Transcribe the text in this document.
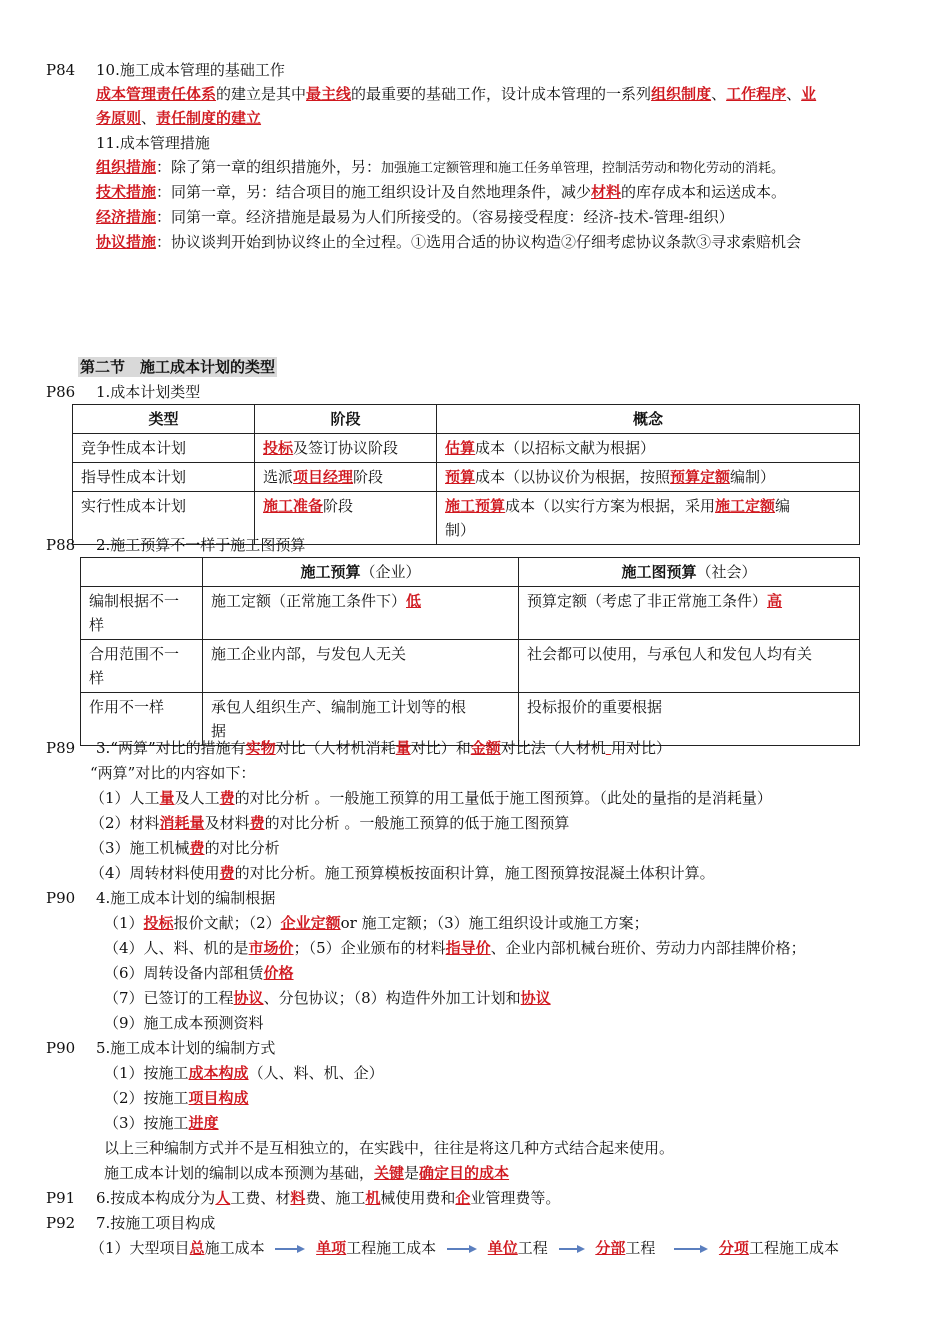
P84 10.施工成本管理的基础工作
成本管理责任体系的建立是其中最主线的最重要的基础工作，设计成本管理的一系列组织制度、工作程序、业
务原则、责任制度的建立
11.成本管理措施
组织措施：除了第一章的组织措施外，另：加强施工定额管理和施工任务单管理，控制活劳动和物化劳动的消耗。
技术措施：同第一章，另：结合项目的施工组织设计及自然地理条件，减少材料的库存成本和运送成本。
经济措施：同第一章。经济措施是最易为人们所接受的。（容易接受程度：经济-技术-管理-组织）
协议措施：协议谈判开始到协议终止的全过程。①选用合适的协议构造②仔细考虑协议条款③寻求索赔机会
第二节　施工成本计划的类型
P86 1.成本计划类型
类型	阶段	概念
竞争性成本计划	投标及签订协议阶段	估算成本（以招标文献为根据）
指导性成本计划	选派项目经理阶段	预算成本（以协议价为根据，按照预算定额编制）
实行性成本计划	施工准备阶段	施工预算成本（以实行方案为根据，采用施工定额编
制）
P88 2.施工预算不一样于施工图预算
	施工预算（企业）	施工图预算（社会）
编制根据不一
样	施工定额（正常施工条件下）低	预算定额（考虑了非正常施工条件）高
合用范围不一
样	施工企业内部，与发包人无关	社会都可以使用，与承包人和发包人均有关
作用不一样	承包人组织生产、编制施工计划等的根
据	投标报价的重要根据
P89 3.“两算”对比的措施有实物对比（人材机消耗量对比）和金额对比法（人材机 用对比）
“两算”对比的内容如下：
（1）人工量及人工费的对比分析 。一般施工预算的用工量低于施工图预算。（此处的量指的是消耗量）
（2）材料消耗量及材料费的对比分析 。一般施工预算的低于施工图预算
（3）施工机械费的对比分析
（4）周转材料使用费的对比分析。施工预算模板按面积计算，施工图预算按混凝土体积计算。
P90 4.施工成本计划的编制根据
（1）投标报价文献；（2）企业定额or 施工定额；（3）施工组织设计或施工方案；
（4）人、料、机的是市场价；（5）企业颁布的材料指导价、企业内部机械台班价、劳动力内部挂牌价格；
（6）周转设备内部租赁价格
（7）已签订的工程协议、分包协议；（8）构造件外加工计划和协议
（9）施工成本预测资料
P90 5.施工成本计划的编制方式
（1）按施工成本构成（人、料、机、企）
（2）按施工项目构成
（3）按施工进度
以上三种编制方式并不是互相独立的，在实践中，往往是将这几种方式结合起来使用。
施工成本计划的编制以成本预测为基础，关键是确定目的成本
P91 6.按成本构成分为人工费、材料费、施工机械使用费和企业管理费等。
P92 7.按施工项目构成
（1）大型项目总施工成本	单项工程施工成本	单位工程	分部工程	分项工程施工成本
